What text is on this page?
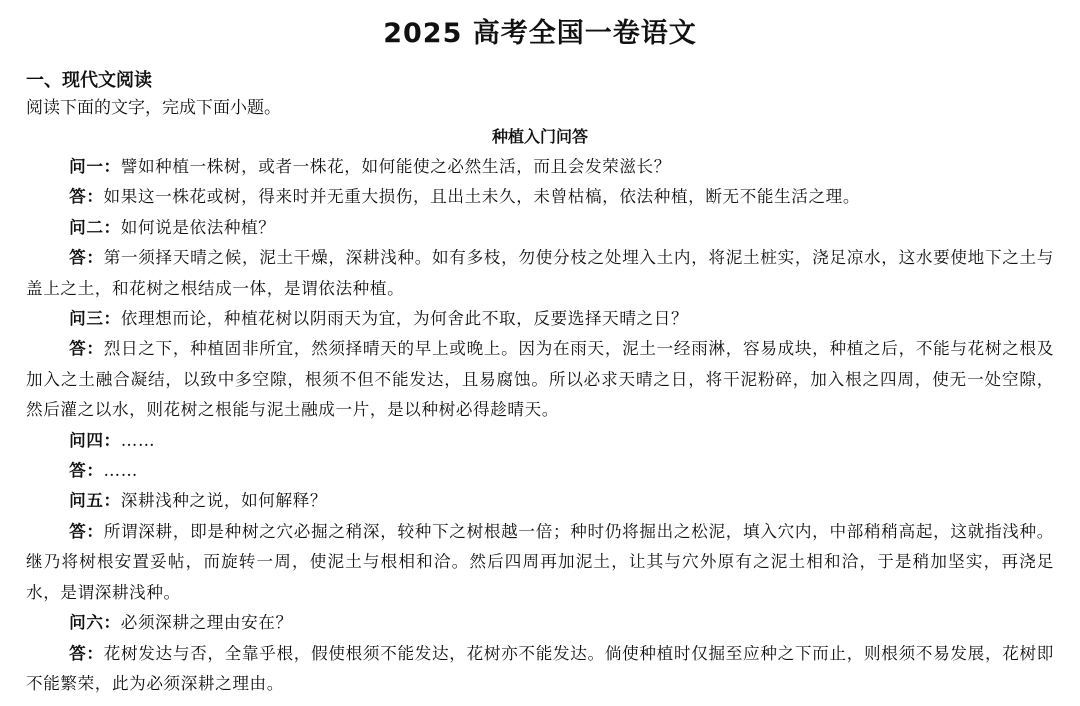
2025 高考全国一卷语文
一、现代文阅读

阅读下面的文字，完成下面小题。

种植入门问答

问一：譬如种植一株树，或者一株花，如何能使之必然生活，而且会发荣滋长？

答：如果这一株花或树，得来时并无重大损伤，且出土未久，未曾枯槁，依法种植，断无不能生活之理。

问二：如何说是依法种植？

答：第一须择天晴之候，泥土干燥，深耕浅种。如有多枝，勿使分枝之处埋入土内，将泥土桩实，浇足凉水，这水要使地下之土与盖上之土，和花树之根结成一体，是谓依法种植。

问三：依理想而论，种植花树以阴雨天为宜，为何舍此不取，反要选择天晴之日？

答：烈日之下，种植固非所宜，然须择晴天的早上或晚上。因为在雨天，泥土一经雨淋，容易成块，种植之后，不能与花树之根及加入之土融合凝结，以致中多空隙，根须不但不能发达，且易腐蚀。所以必求天晴之日，将干泥粉碎，加入根之四周，使无一处空隙，然后灌之以水，则花树之根能与泥土融成一片，是以种树必得趁晴天。

问四：……

答：……

问五：深耕浅种之说，如何解释？

答：所谓深耕，即是种树之穴必掘之稍深，较种下之树根越一倍；种时仍将掘出之松泥，填入穴内，中部稍稍高起，这就指浅种。继乃将树根安置妥帖，而旋转一周，使泥土与根相和洽。然后四周再加泥土，让其与穴外原有之泥土相和洽，于是稍加坚实，再浇足水，是谓深耕浅种。

问六：必须深耕之理由安在？

答：花树发达与否，全靠乎根，假使根须不能发达，花树亦不能发达。倘使种植时仅掘至应种之下而止，则根须不易发展，花树即不能繁荣，此为必须深耕之理由。
